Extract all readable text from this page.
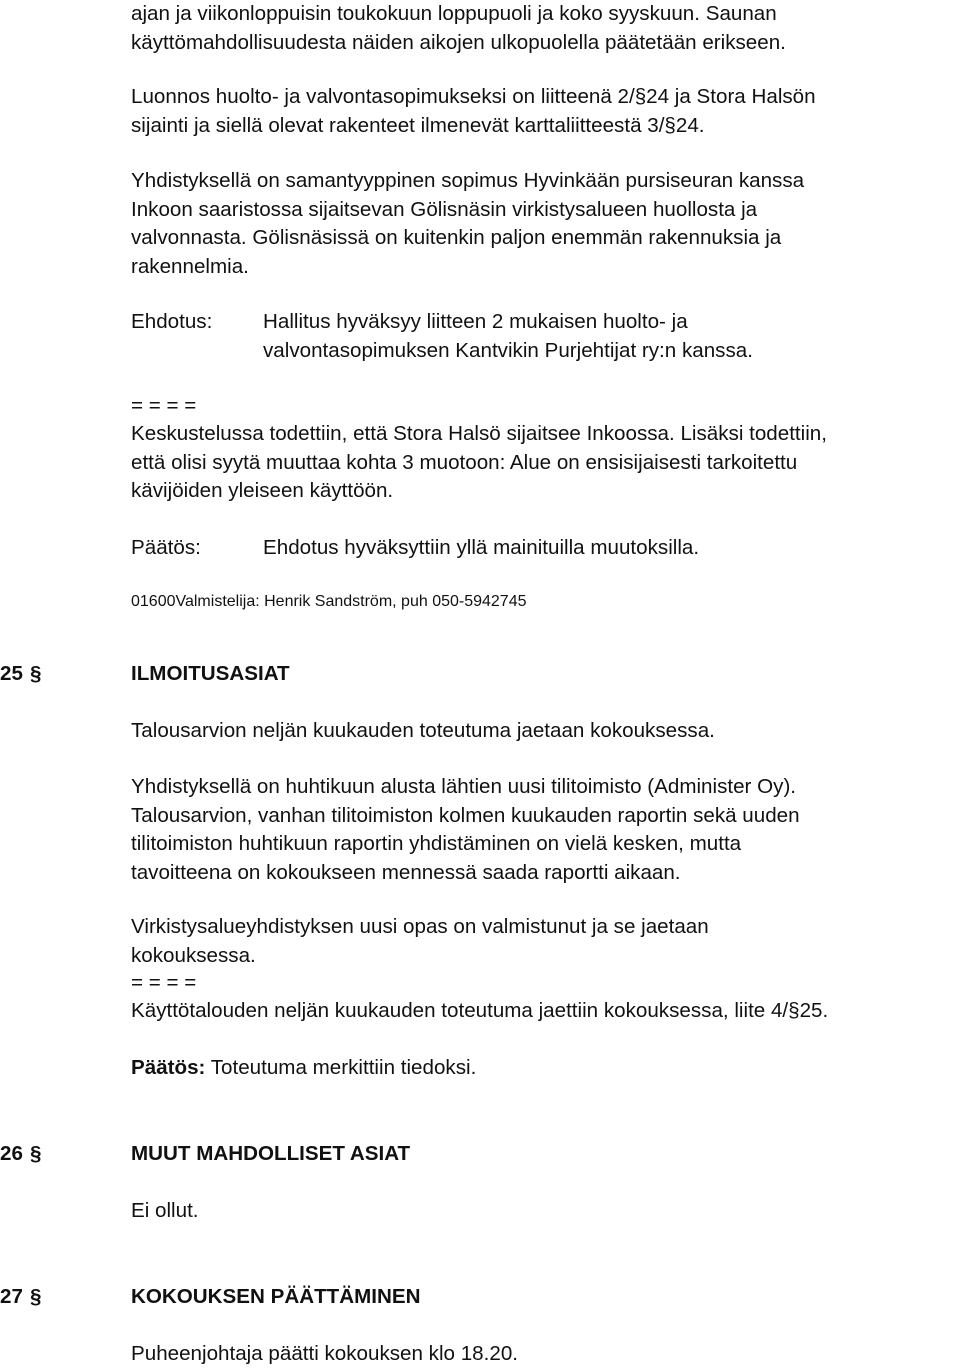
ajan ja viikonloppuisin toukokuun loppupuoli ja koko syyskuun. Saunan
käyttömahdollisuudesta näiden aikojen ulkopuolella päätetään erikseen.
Luonnos huolto- ja valvontasopimukseksi on liitteenä 2/§24 ja Stora Halsön
sijainti ja siellä olevat rakenteet ilmenevät karttaliitteestä 3/§24.
Yhdistyksellä on samantyyppinen sopimus Hyvinkään pursiseuran kanssa
Inkoon saaristossa sijaitsevan Gölisnäsin virkistysalueen huollosta ja
valvonnasta. Gölisnäsissä on kuitenkin paljon enemmän rakennuksia ja
rakennelmia.
Ehdotus: Hallitus hyväksyy liitteen 2 mukaisen huolto- ja
valvontasopimuksen Kantvikin Purjehtijat ry:n kanssa.
= = = =
Keskustelussa todettiin, että Stora Halsö sijaitsee Inkoossa. Lisäksi todettiin,
että olisi syytä muuttaa kohta 3 muotoon: Alue on ensisijaisesti tarkoitettu
kävijöiden yleiseen käyttöön.
Päätös:	Ehdotus hyväksyttiin yllä mainituilla muutoksilla.
01600Valmistelija: Henrik Sandström, puh 050-5942745
25 §	ILMOITUSASIAT
Talousarvion neljän kuukauden toteutuma jaetaan kokouksessa.
Yhdistyksellä on huhtikuun alusta lähtien uusi tilitoimisto (Administer Oy).
Talousarvion, vanhan tilitoimiston kolmen kuukauden raportin sekä uuden
tilitoimiston huhtikuun raportin yhdistäminen on vielä kesken, mutta
tavoitteena on kokoukseen mennessä saada raportti aikaan.
Virkistysalueyhdistyksen uusi opas on valmistunut ja se jaetaan
kokouksessa.
= = = =
Käyttötalouden neljän kuukauden toteutuma jaettiin kokouksessa, liite 4/§25.
Päätös: Toteutuma merkittiin tiedoksi.
26 §	MUUT MAHDOLLISET ASIAT
Ei ollut.
27 §	KOKOUKSEN PÄÄTTÄMINEN
Puheenjohtaja päätti kokouksen klo 18.20.
